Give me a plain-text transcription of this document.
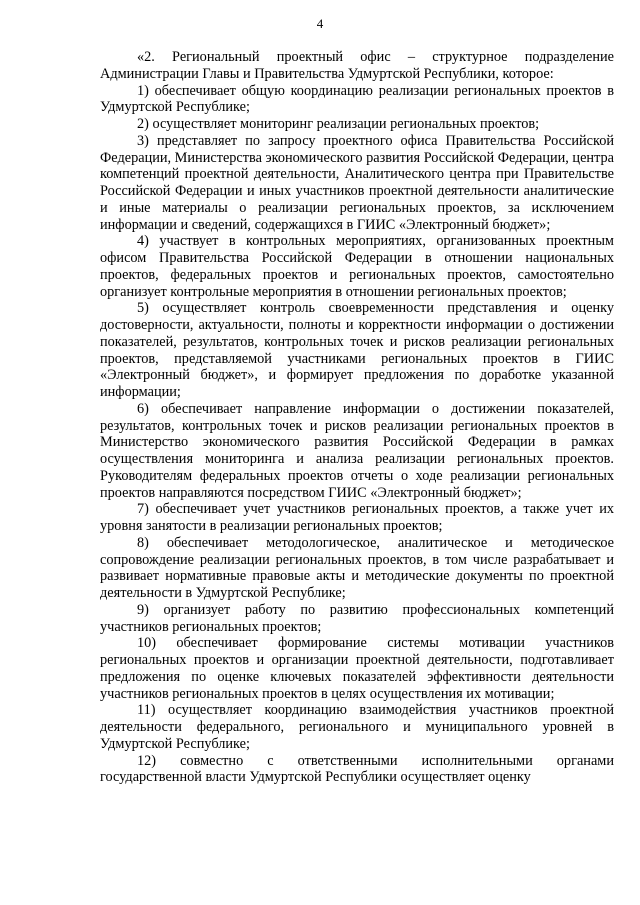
4

«2. Региональный проектный офис – структурное подразделение Администрации Главы и Правительства Удмуртской Республики, которое:

1) обеспечивает общую координацию реализации региональных проектов в Удмуртской Республике;

2) осуществляет мониторинг реализации региональных проектов;

3) представляет по запросу проектного офиса Правительства Российской Федерации, Министерства экономического развития Российской Федерации, центра компетенций проектной деятельности, Аналитического центра при Правительстве Российской Федерации и иных участников проектной деятельности аналитические и иные материалы о реализации региональных проектов, за исключением информации и сведений, содержащихся в ГИИС «Электронный бюджет»;

4) участвует в контрольных мероприятиях, организованных проектным офисом Правительства Российской Федерации в отношении национальных проектов, федеральных проектов и региональных проектов, самостоятельно организует контрольные мероприятия в отношении региональных проектов;

5) осуществляет контроль своевременности представления и оценку достоверности, актуальности, полноты и корректности информации о достижении показателей, результатов, контрольных точек и рисков реализации региональных проектов, представляемой участниками региональных проектов в ГИИС «Электронный бюджет», и формирует предложения по доработке указанной информации;

6) обеспечивает направление информации о достижении показателей, результатов, контрольных точек и рисков реализации региональных проектов в Министерство экономического развития Российской Федерации в рамках осуществления мониторинга и анализа реализации региональных проектов. Руководителям федеральных проектов отчеты о ходе реализации региональных проектов направляются посредством ГИИС «Электронный бюджет»;

7) обеспечивает учет участников региональных проектов, а также учет их уровня занятости в реализации региональных проектов;

8) обеспечивает методологическое, аналитическое и методическое сопровождение реализации региональных проектов, в том числе разрабатывает и развивает нормативные правовые акты и методические документы по проектной деятельности в Удмуртской Республике;

9) организует работу по развитию профессиональных компетенций участников региональных проектов;

10) обеспечивает формирование системы мотивации участников региональных проектов и организации проектной деятельности, подготавливает предложения по оценке ключевых показателей эффективности деятельности участников региональных проектов в целях осуществления их мотивации;

11) осуществляет координацию взаимодействия участников проектной деятельности федерального, регионального и муниципального уровней в Удмуртской Республике;

12) совместно с ответственными исполнительными органами государственной власти Удмуртской Республики осуществляет оценку
